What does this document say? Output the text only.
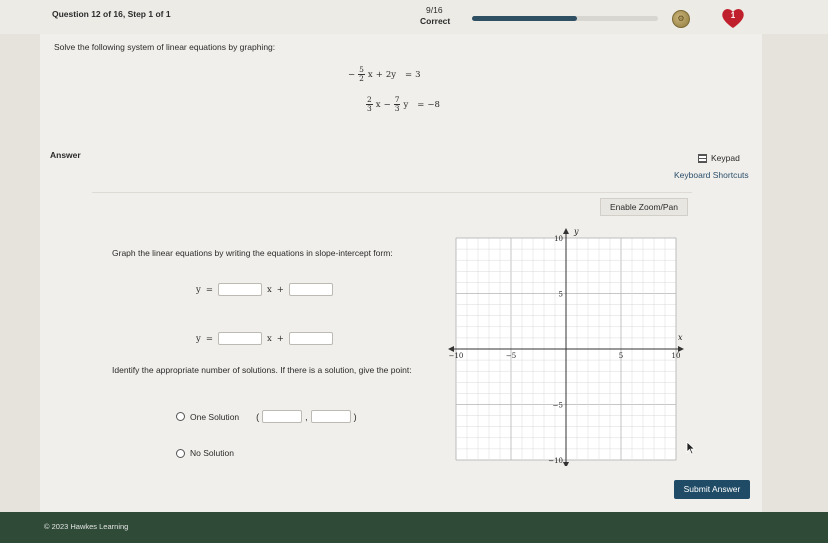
Question 12 of 16, Step 1 of 1	9/16
Correct	⚙	1
Solve the following system of linear equations by graphing:
− $\frac{5}{2}$ x + 2y = 3
$\frac{2}{3}$ $x - \frac{7}{3}$ y = −8
Answer	Keypad
Keyboard Shortcuts
Enable Zoom/Pan
Graph the linear equations by writing the equations in slope-intercept form:
y =	x +
y =	x +
Identify the appropriate number of solutions. If there is a solution, give the point:
One Solution (	,	)
No Solution
x
y
−10	−5	5	10
10
5
−5
−10
Submit Answer
© 2023 Hawkes Learning
